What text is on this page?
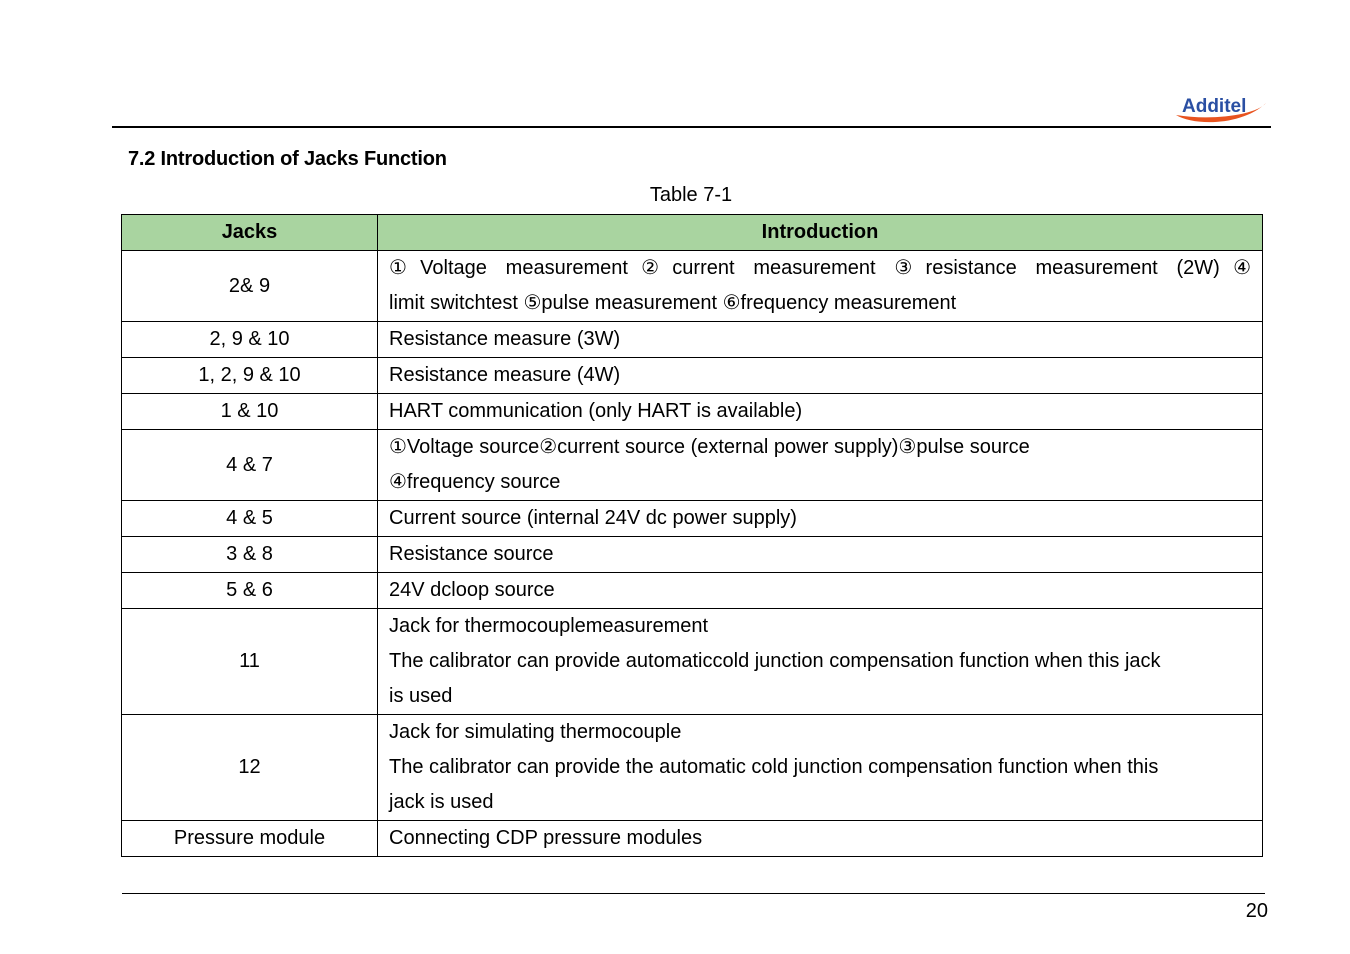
Additel
7.2 Introduction of Jacks Function
Table 7-1
Jacks	Introduction
2& 9	①Voltage measurement②current measurement ③resistance measurement (2W)④
limit switchtest ⑤pulse measurement ⑥frequency measurement

2, 9 & 10	Resistance measure (3W)

1, 2, 9 & 10	Resistance measure (4W)

1 & 10	HART communication (only HART is available)

4 & 7	①Voltage source②current source (external power supply)③pulse source
④frequency source

4 & 5	Current source (internal 24V dc power supply)

3 & 8	Resistance source

5 & 6	24V dcloop source

11	Jack for thermocouplemeasurement
The calibrator can provide automaticcold junction compensation function when this jack
is used

12	Jack for simulating thermocouple
The calibrator can provide the automatic cold junction compensation function when this
jack is used

Pressure module	Connecting CDP pressure modules
20
